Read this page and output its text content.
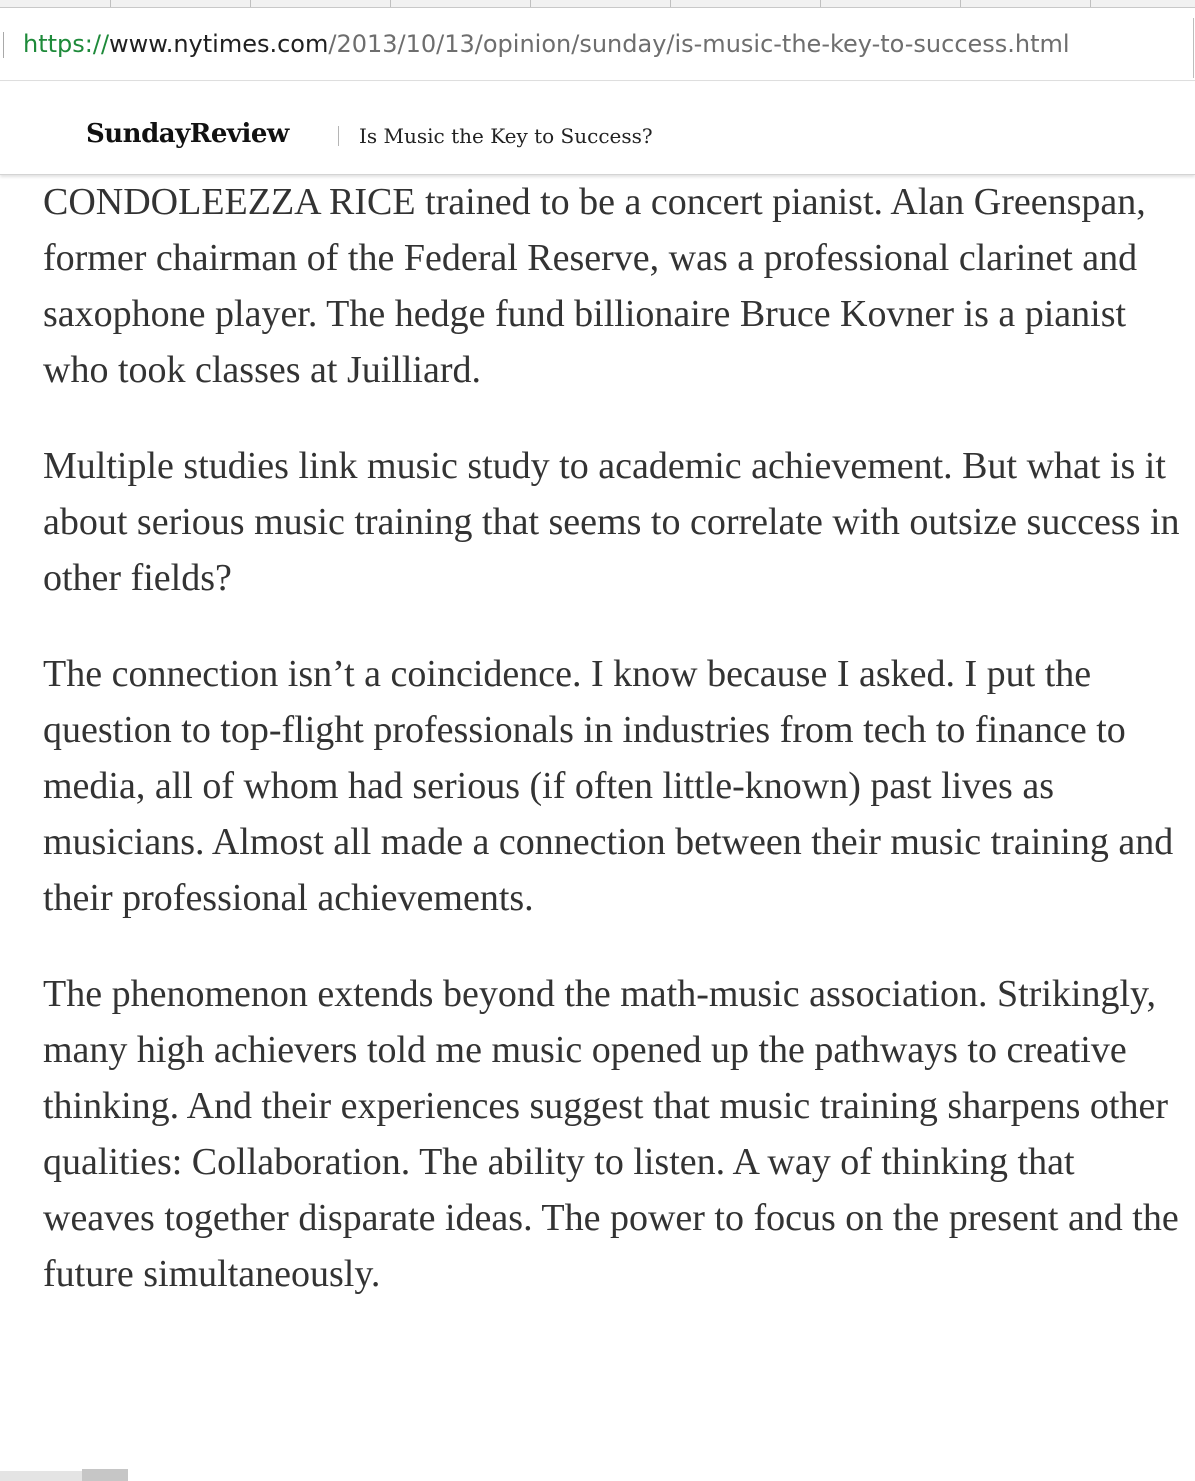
https://www.nytimes.com/2013/10/13/opinion/sunday/is-music-the-key-to-success.html
SundayReview	Is Music the Key to Success?

CONDOLEEZZA RICE trained to be a concert pianist. Alan Greenspan, former chairman of the Federal Reserve, was a professional clarinet and saxophone player. The hedge fund billionaire Bruce Kovner is a pianist who took classes at Juilliard.

Multiple studies link music study to academic achievement. But what is it about serious music training that seems to correlate with outsize success in other fields?

The connection isn’t a coincidence. I know because I asked. I put the question to top-flight professionals in industries from tech to finance to media, all of whom had serious (if often little-known) past lives as musicians. Almost all made a connection between their music training and their professional achievements.

The phenomenon extends beyond the math-music association. Strikingly, many high achievers told me music opened up the pathways to creative thinking. And their experiences suggest that music training sharpens other qualities: Collaboration. The ability to listen. A way of thinking that weaves together disparate ideas. The power to focus on the present and the future simultaneously.
